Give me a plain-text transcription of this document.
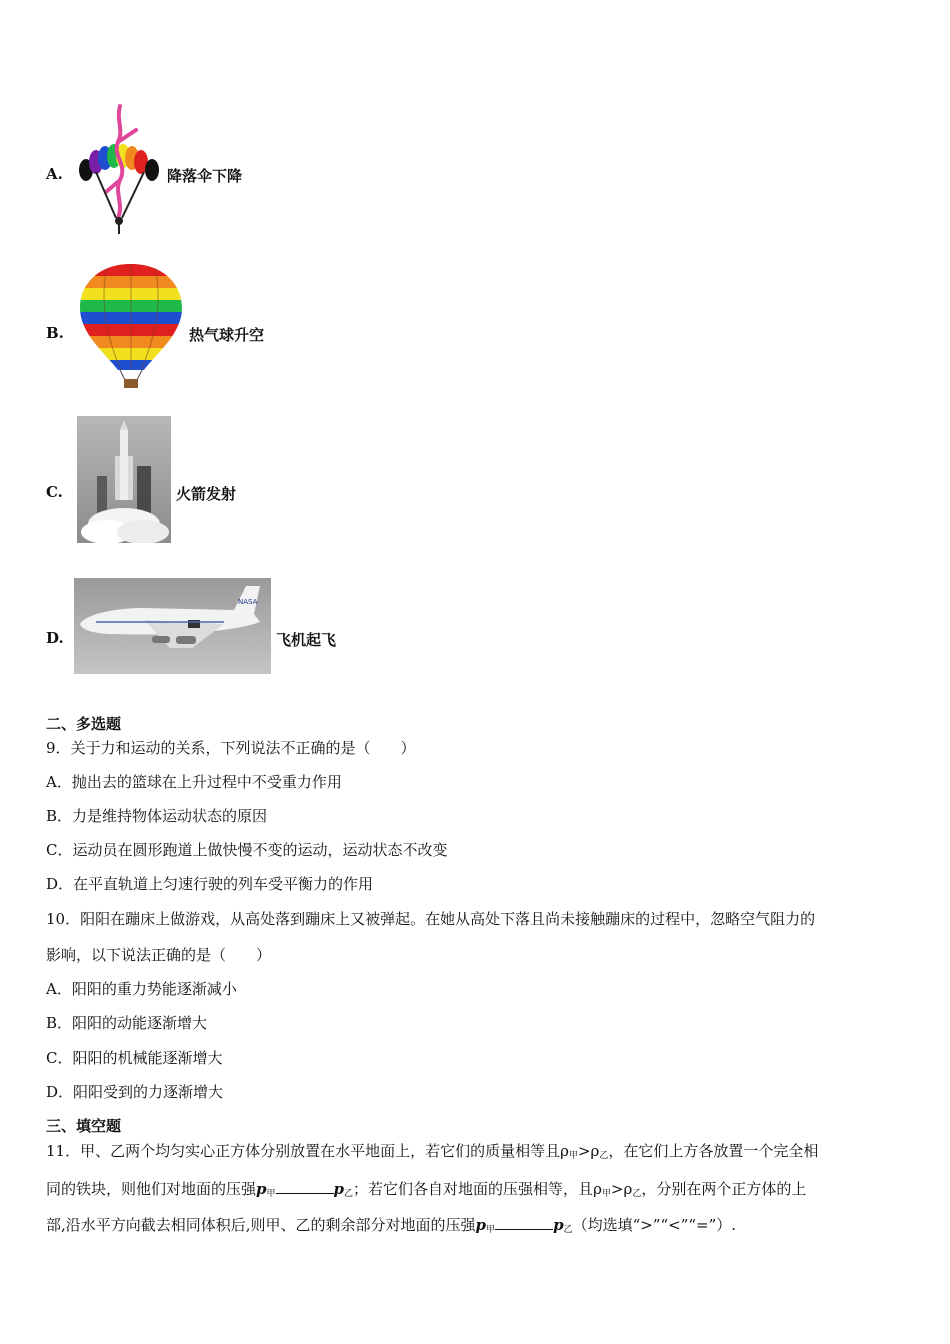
A.	降落伞下降
B.	热气球升空
C.	火箭发射
D.
NASA
飞机起飞
二、多选题
9．关于力和运动的关系，下列说法不正确的是（　　）
A．抛出去的篮球在上升过程中不受重力作用
B．力是维持物体运动状态的原因
C．运动员在圆形跑道上做快慢不变的运动，运动状态不改变
D．在平直轨道上匀速行驶的列车受平衡力的作用
10．阳阳在蹦床上做游戏，从高处落到蹦床上又被弹起。在她从高处下落且尚未接触蹦床的过程中，忽略空气阻力的
影响，以下说法正确的是（　　）
A．阳阳的重力势能逐渐减小
B．阳阳的动能逐渐增大
C．阳阳的机械能逐渐增大
D．阳阳受到的力逐渐增大
三、填空题
11．甲、乙两个均匀实心正方体分别放置在水平地面上，若它们的质量相等且$\rho_甲>\rho_乙$，在它们上方各放置一个完全相
同的铁块，则他们对地面的压强$p_甲$	$p_乙$；若它们各自对地面的压强相等，且$\rho_甲>\rho_乙$，分别在两个正方体的上
部,沿水平方向截去相同体积后,则甲、乙的剩余部分对地面的压强$p_甲$	$p_乙$（均选填“>”“<”“=”）.
